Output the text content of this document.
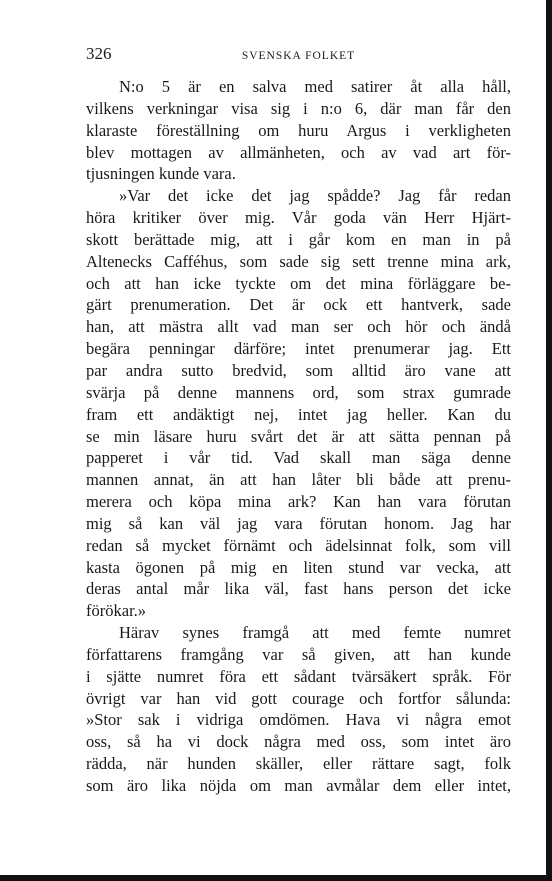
326	SVENSKA FOLKET
N:o 5 är en salva med satirer åt alla håll,
vilkens verkningar visa sig i n:o 6, där man får den
klaraste föreställning om huru Argus i verkligheten
blev mottagen av allmänheten, och av vad art för-
tjusningen kunde vara.
»Var det icke det jag spådde? Jag får redan
höra kritiker över mig. Vår goda vän Herr Hjärt-
skott berättade mig, att i går kom en man in på
Altenecks Cafféhus, som sade sig sett trenne mina ark,
och att han icke tyckte om det mina förläggare be-
gärt prenumeration. Det är ock ett hantverk, sade
han, att mästra allt vad man ser och hör och ändå
begära penningar därföre; intet prenumerar jag. Ett
par andra sutto bredvid, som alltid äro vane att
svärja på denne mannens ord, som strax gumrade
fram ett andäktigt nej, intet jag heller. Kan du
se min läsare huru svårt det är att sätta pennan på
papperet i vår tid. Vad skall man säga denne
mannen annat, än att han låter bli både att prenu-
merera och köpa mina ark? Kan han vara förutan
mig så kan väl jag vara förutan honom. Jag har
redan så mycket förnämt och ädelsinnat folk, som vill
kasta ögonen på mig en liten stund var vecka, att
deras antal mår lika väl, fast hans person det icke
förökar.»
Härav synes framgå att med femte numret
författarens framgång var så given, att han kunde
i sjätte numret föra ett sådant tvärsäkert språk. För
övrigt var han vid gott courage och fortfor sålunda:
»Stor sak i vidriga omdömen. Hava vi några emot
oss, så ha vi dock några med oss, som intet äro
rädda, när hunden skäller, eller rättare sagt, folk
som äro lika nöjda om man avmålar dem eller intet,
